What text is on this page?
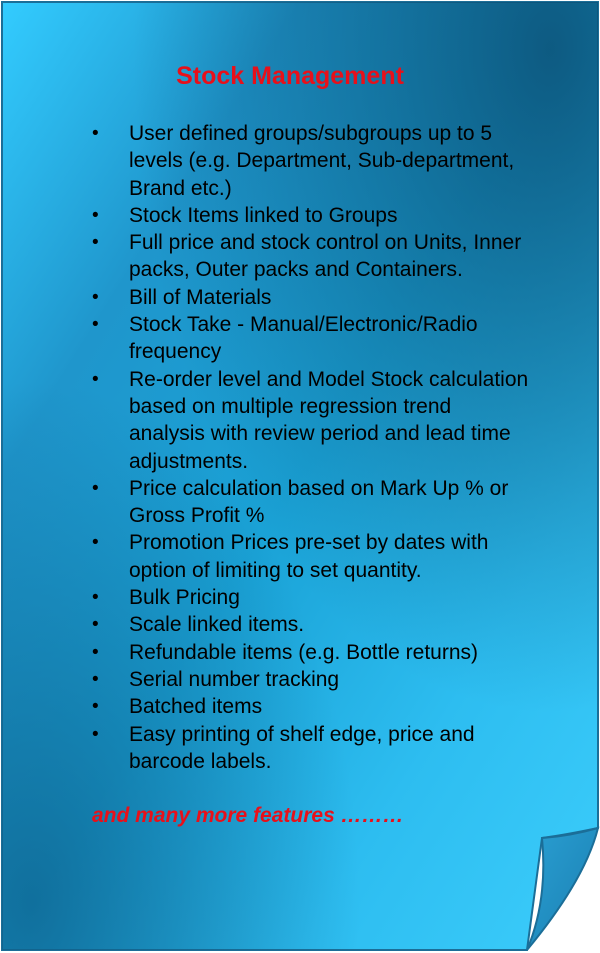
Stock Management
•	User defined groups/subgroups up to 5 levels (e.g. Department, Sub-department, Brand etc.)
•	Stock Items linked to Groups
•	Full price and stock control on Units, Inner packs, Outer packs and Containers.
•	Bill of Materials
•	Stock Take - Manual/Electronic/Radio frequency
•	Re-order level and Model Stock calculation based on multiple regression trend analysis with review period and lead time adjustments.
•	Price calculation based on Mark Up % or Gross Profit %
•	Promotion Prices pre-set by dates with option of limiting to set quantity.
•	Bulk Pricing
•	Scale linked items.
•	Refundable items (e.g. Bottle returns)
•	Serial number tracking
•	Batched items
•	Easy printing of shelf edge, price and barcode labels.

and many more features ………
